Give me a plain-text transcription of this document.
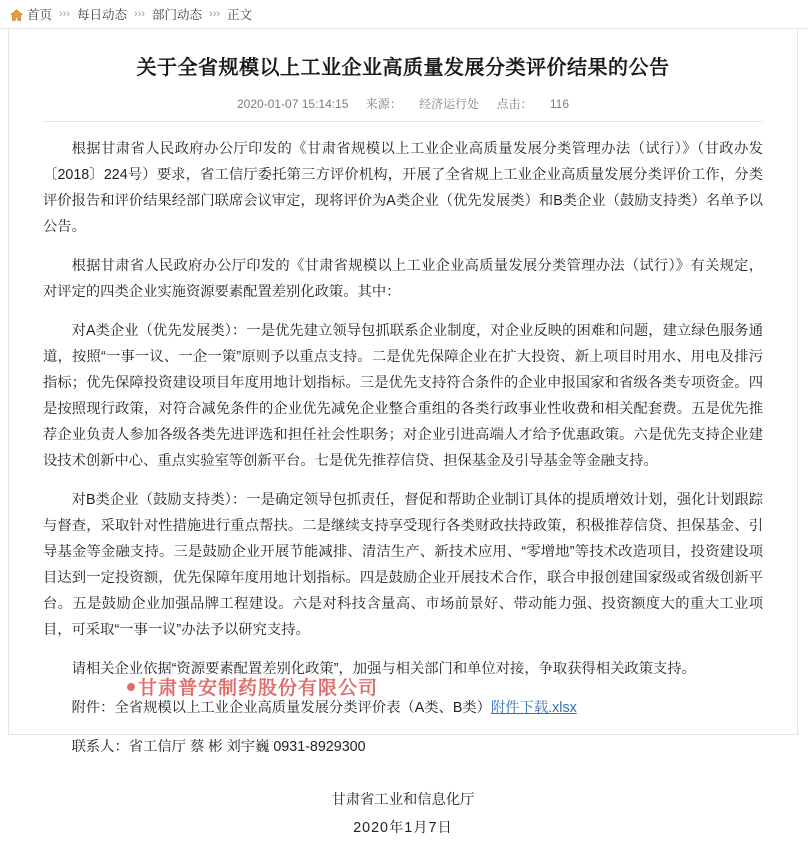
首页 ››› 每日动态 ››› 部门动态 ››› 正文
关于全省规模以上工业企业高质量发展分类评价结果的公告
2020-01-07 15:14:15 来源： 经济运行处 点击： 116

根据甘肃省人民政府办公厅印发的《甘肃省规模以上工业企业高质量发展分类管理办法（试行）》（甘政办发〔2018〕224号）要求，省工信厅委托第三方评价机构，开展了全省规上工业企业高质量发展分类评价工作，分类评价报告和评价结果经部门联席会议审定，现将评价为A类企业（优先发展类）和B类企业（鼓励支持类）名单予以公告。

根据甘肃省人民政府办公厅印发的《甘肃省规模以上工业企业高质量发展分类管理办法（试行）》有关规定，对评定的四类企业实施资源要素配置差别化政策。其中：

对A类企业（优先发展类）：一是优先建立领导包抓联系企业制度，对企业反映的困难和问题，建立绿色服务通道，按照“一事一议、一企一策”原则予以重点支持。二是优先保障企业在扩大投资、新上项目时用水、用电及排污指标；优先保障投资建设项目年度用地计划指标。三是优先支持符合条件的企业申报国家和省级各类专项资金。四是按照现行政策，对符合减免条件的企业优先减免企业整合重组的各类行政事业性收费和相关配套费。五是优先推荐企业负责人参加各级各类先进评选和担任社会性职务；对企业引进高端人才给予优惠政策。六是优先支持企业建设技术创新中心、重点实验室等创新平台。七是优先推荐信贷、担保基金及引导基金等金融支持。

对B类企业（鼓励支持类）：一是确定领导包抓责任，督促和帮助企业制订具体的提质增效计划，强化计划跟踪与督查，采取针对性措施进行重点帮扶。二是继续支持享受现行各类财政扶持政策，积极推荐信贷、担保基金、引导基金等金融支持。三是鼓励企业开展节能减排、清洁生产、新技术应用、“零增地”等技术改造项目，投资建设项目达到一定投资额，优先保障年度用地计划指标。四是鼓励企业开展技术合作，联合申报创建国家级或省级创新平台。五是鼓励企业加强品牌工程建设。六是对科技含量高、市场前景好、带动能力强、投资额度大的重大工业项目，可采取“一事一议”办法予以研究支持。

请相关企业依据“资源要素配置差别化政策”，加强与相关部门和单位对接，争取获得相关政策支持。

附件：全省规模以上工业企业高质量发展分类评价表（A类、B类）附件下载.xlsx

联系人：省工信厅 蔡 彬 刘宇巍 0931-8929300

甘肃省工业和信息化厅
2020年1月7日
甘肃普安制药股份有限公司
